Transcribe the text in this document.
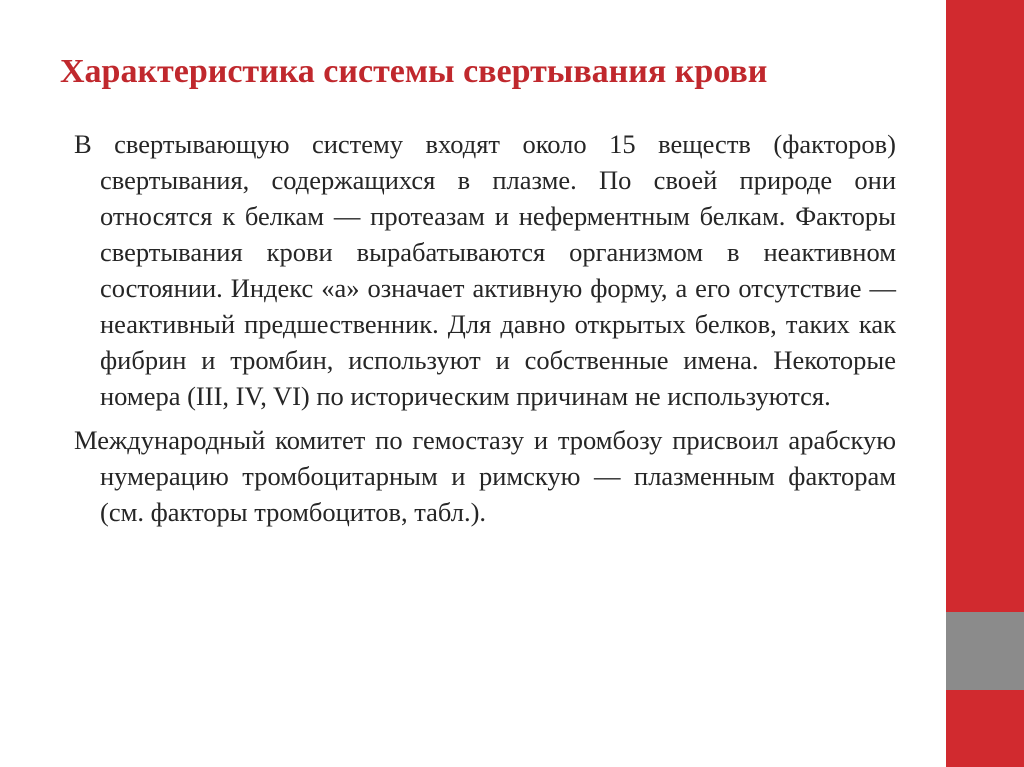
Характеристика системы свертывания крови

В свертывающую систему входят около 15 веществ (факторов) свертывания, содержащихся в плазме. По своей природе они относятся к белкам — протеазам и неферментным белкам. Факторы свертывания крови вырабатываются организмом в неактивном состоянии. Индекс «a» означает активную форму, а его отсутствие — неактивный предшественник. Для давно открытых белков, таких как фибрин и тромбин, используют и собственные имена. Некоторые номера (III, IV, VI) по историческим причинам не используются.

Международный комитет по гемостазу и тромбозу присвоил арабскую нумерацию тромбоцитарным и римскую — плазменным факторам (см. факторы тромбоцитов, табл.).
